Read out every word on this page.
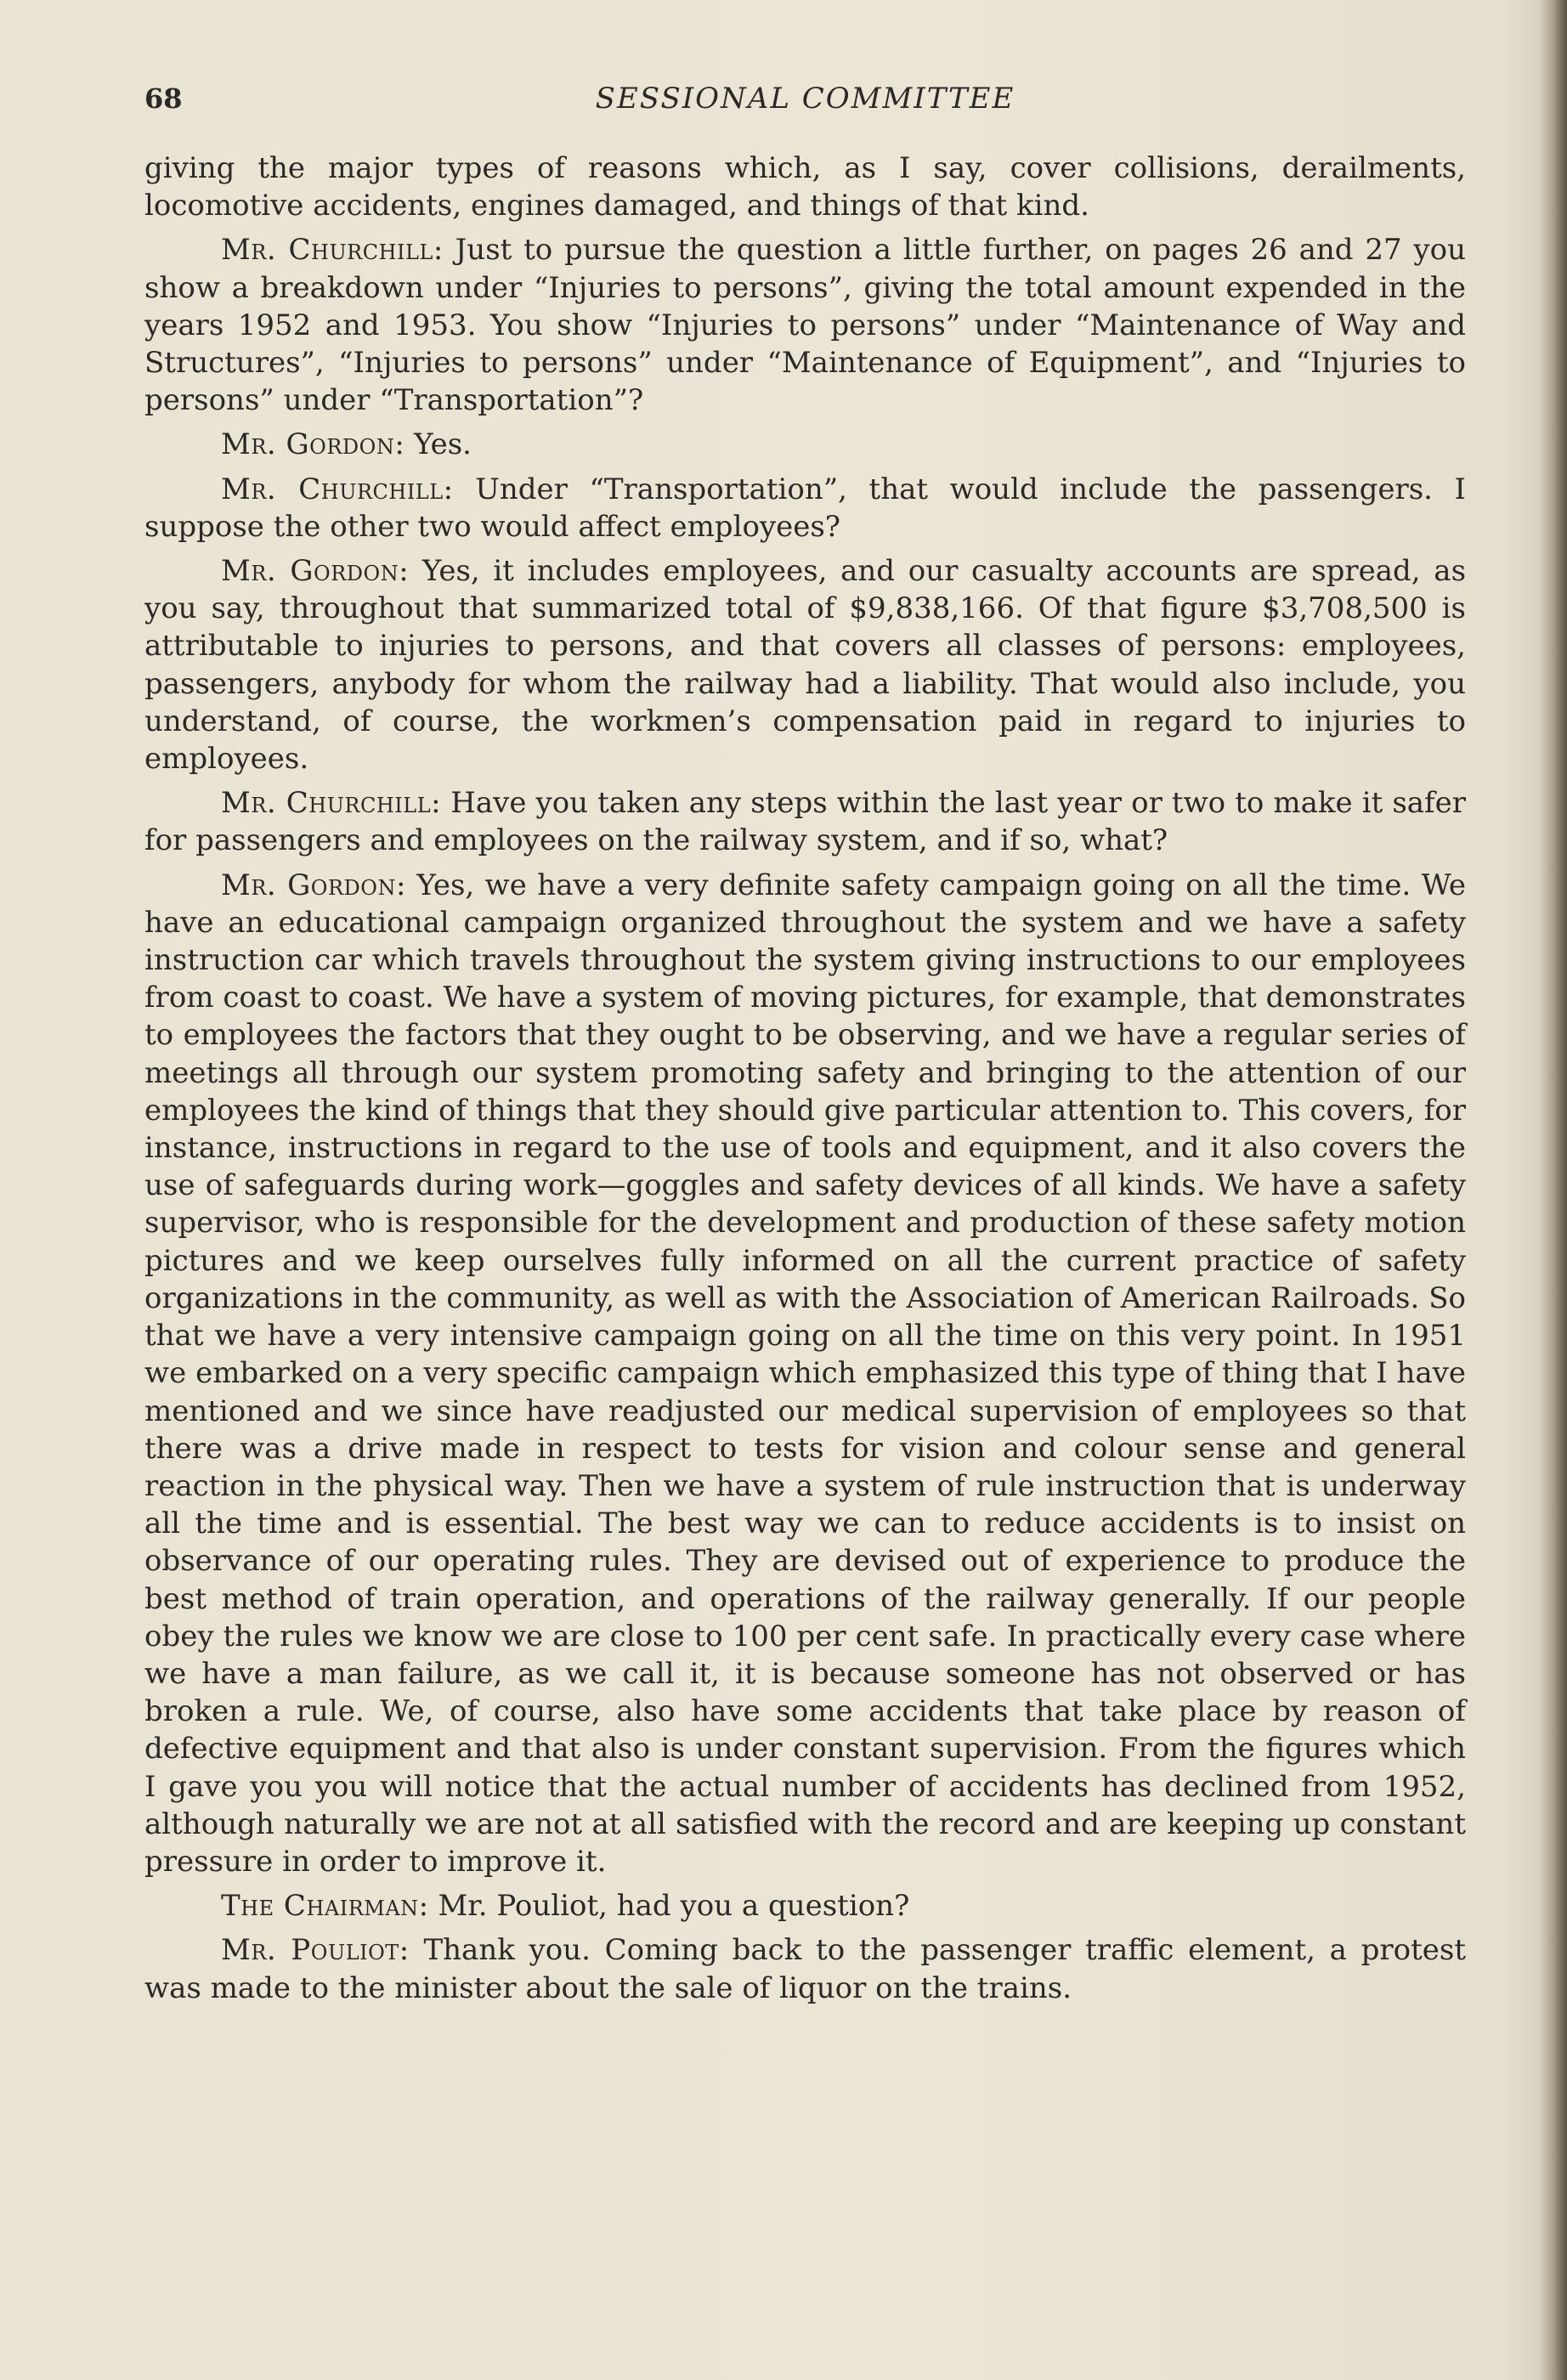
68	SESSIONAL COMMITTEE

giving the major types of reasons which, as I say, cover collisions, derailments, locomotive accidents, engines damaged, and things of that kind.

Mr. Churchill: Just to pursue the question a little further, on pages 26 and 27 you show a breakdown under “Injuries to persons”, giving the total amount expended in the years 1952 and 1953. You show “Injuries to persons” under “Maintenance of Way and Structures”, “Injuries to persons” under “Maintenance of Equipment”, and “Injuries to persons” under “Transportation”?

Mr. Gordon: Yes.

Mr. Churchill: Under “Transportation”, that would include the passengers. I suppose the other two would affect employees?

Mr. Gordon: Yes, it includes employees, and our casualty accounts are spread, as you say, throughout that summarized total of $9,838,166. Of that figure $3,708,500 is attributable to injuries to persons, and that covers all classes of persons: employees, passengers, anybody for whom the railway had a liability. That would also include, you understand, of course, the workmen’s compensation paid in regard to injuries to employees.

Mr. Churchill: Have you taken any steps within the last year or two to make it safer for passengers and employees on the railway system, and if so, what?

Mr. Gordon: Yes, we have a very definite safety campaign going on all the time. We have an educational campaign organized throughout the system and we have a safety instruction car which travels throughout the system giving instructions to our employees from coast to coast. We have a system of moving pictures, for example, that demonstrates to employees the factors that they ought to be observing, and we have a regular series of meetings all through our system promoting safety and bringing to the attention of our employees the kind of things that they should give particular attention to. This covers, for instance, instructions in regard to the use of tools and equipment, and it also covers the use of safeguards during work—goggles and safety devices of all kinds. We have a safety supervisor, who is responsible for the development and production of these safety motion pictures and we keep ourselves fully informed on all the current practice of safety organizations in the community, as well as with the Association of American Railroads. So that we have a very intensive campaign going on all the time on this very point. In 1951 we embarked on a very specific campaign which emphasized this type of thing that I have mentioned and we since have readjusted our medical supervision of employees so that there was a drive made in respect to tests for vision and colour sense and general reaction in the physical way. Then we have a system of rule instruction that is underway all the time and is essential. The best way we can to reduce accidents is to insist on observance of our operating rules. They are devised out of experience to produce the best method of train operation, and operations of the railway generally. If our people obey the rules we know we are close to 100 per cent safe. In practically every case where we have a man failure, as we call it, it is because someone has not observed or has broken a rule. We, of course, also have some accidents that take place by reason of defective equipment and that also is under constant supervision. From the figures which I gave you you will notice that the actual number of accidents has declined from 1952, although naturally we are not at all satisfied with the record and are keeping up constant pressure in order to improve it.

The Chairman: Mr. Pouliot, had you a question?

Mr. Pouliot: Thank you. Coming back to the passenger traffic element, a protest was made to the minister about the sale of liquor on the trains.
